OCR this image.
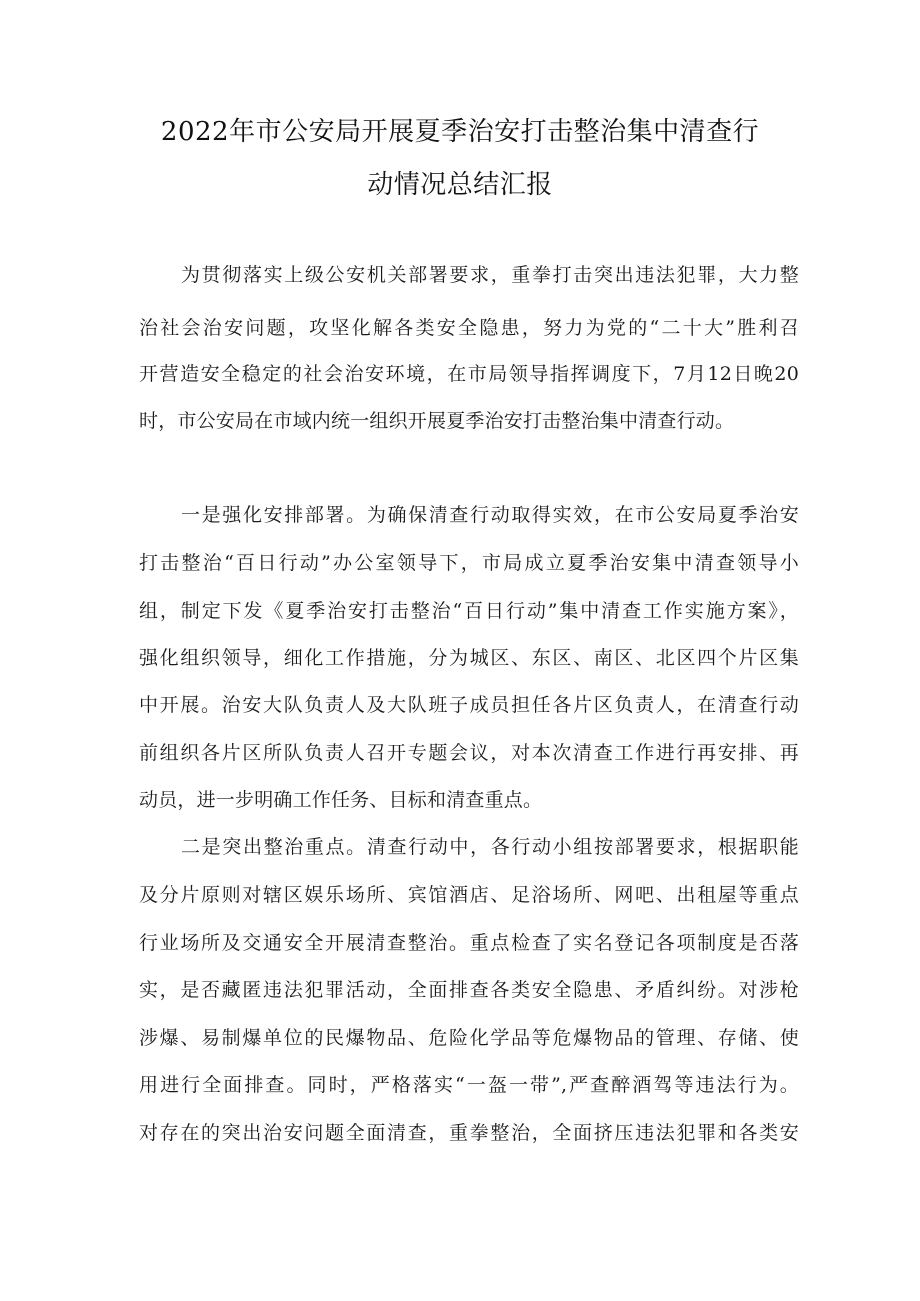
2022年市公安局开展夏季治安打击整治集中清查行
动情况总结汇报
为贯彻落实上级公安机关部署要求，重拳打击突出违法犯罪，大力整
治社会治安问题，攻坚化解各类安全隐患，努力为党的“二十大”胜利召
开营造安全稳定的社会治安环境，在市局领导指挥调度下，7月12日晚20
时，市公安局在市域内统一组织开展夏季治安打击整治集中清查行动。
一是强化安排部署。为确保清查行动取得实效，在市公安局夏季治安
打击整治“百日行动”办公室领导下，市局成立夏季治安集中清查领导小
组，制定下发《夏季治安打击整治“百日行动”集中清查工作实施方案》，
强化组织领导，细化工作措施，分为城区、东区、南区、北区四个片区集
中开展。治安大队负责人及大队班子成员担任各片区负责人，在清查行动
前组织各片区所队负责人召开专题会议，对本次清查工作进行再安排、再
动员，进一步明确工作任务、目标和清查重点。
二是突出整治重点。清查行动中，各行动小组按部署要求，根据职能
及分片原则对辖区娱乐场所、宾馆酒店、足浴场所、网吧、出租屋等重点
行业场所及交通安全开展清查整治。重点检查了实名登记各项制度是否落
实，是否藏匿违法犯罪活动，全面排查各类安全隐患、矛盾纠纷。对涉枪
涉爆、易制爆单位的民爆物品、危险化学品等危爆物品的管理、存储、使
用进行全面排查。同时，严格落实“一盔一带”,严查醉酒驾等违法行为。
对存在的突出治安问题全面清查，重拳整治，全面挤压违法犯罪和各类安
